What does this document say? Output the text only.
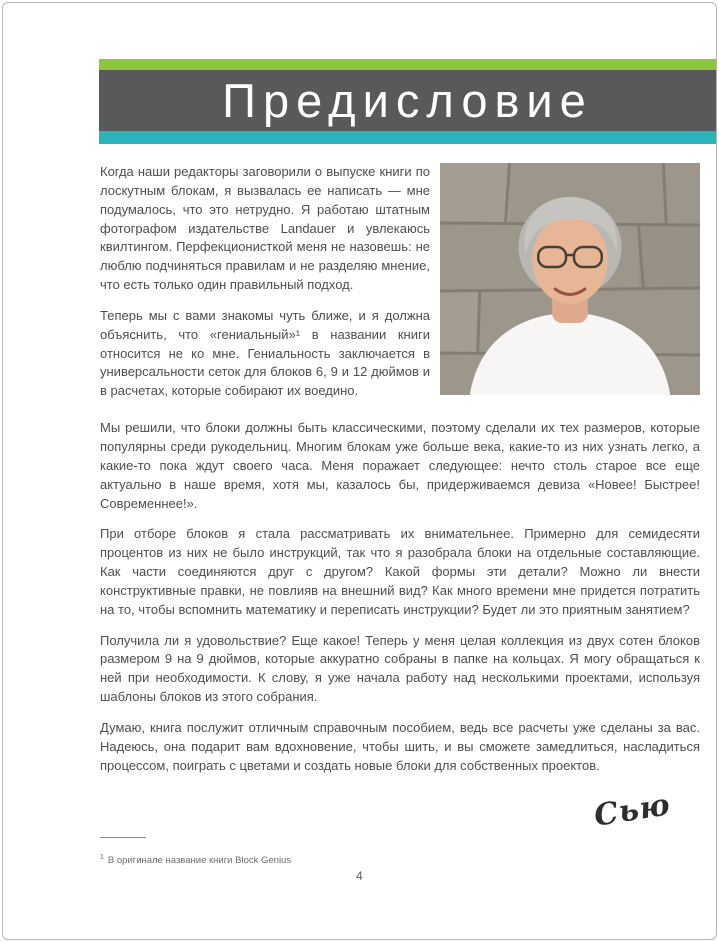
Предисловие

Когда наши редакторы заговорили о выпуске книги по лоскутным блокам, я вызвалась ее написать — мне подумалось, что это нетрудно. Я работаю штатным фотографом издательстве Landauer и увлекаюсь квилтингом. Перфекционисткой меня не назовешь: не люблю подчиняться правилам и не разделяю мнение, что есть только один правильный подход.

Теперь мы с вами знакомы чуть ближе, и я должна объяснить, что «гениальный»¹ в названии книги относится не ко мне. Гениальность заключается в универсальности сеток для блоков 6, 9 и 12 дюймов и в расчетах, которые собирают их воедино.

Мы решили, что блоки должны быть классическими, поэтому сделали их тех размеров, которые популярны среди рукодельниц. Многим блокам уже больше века, какие-то из них узнать легко, а какие-то пока ждут своего часа. Меня поражает следующее: нечто столь старое все еще актуально в наше время, хотя мы, казалось бы, придерживаемся девиза «Новее! Быстрее! Современнее!».

При отборе блоков я стала рассматривать их внимательнее. Примерно для семидесяти процентов из них не было инструкций, так что я разобрала блоки на отдельные составляющие. Как части соединяются друг с другом? Какой формы эти детали? Можно ли внести конструктивные правки, не повлияв на внешний вид? Как много времени мне придется потратить на то, чтобы вспомнить математику и переписать инструкции? Будет ли это приятным занятием?

Получила ли я удовольствие? Еще какое! Теперь у меня целая коллекция из двух сотен блоков размером 9 на 9 дюймов, которые аккуратно собраны в папке на кольцах. Я могу обращаться к ней при необходимости. К слову, я уже начала работу над несколькими проектами, используя шаблоны блоков из этого собрания.

Думаю, книга послужит отличным справочным пособием, ведь все расчеты уже сделаны за вас. Надеюсь, она подарит вам вдохновение, чтобы шить, и вы сможете замедлиться, насладиться процессом, поиграть с цветами и создать новые блоки для собственных проектов.

Сью

$^1$ В оригинале название книги Block Genius

4
